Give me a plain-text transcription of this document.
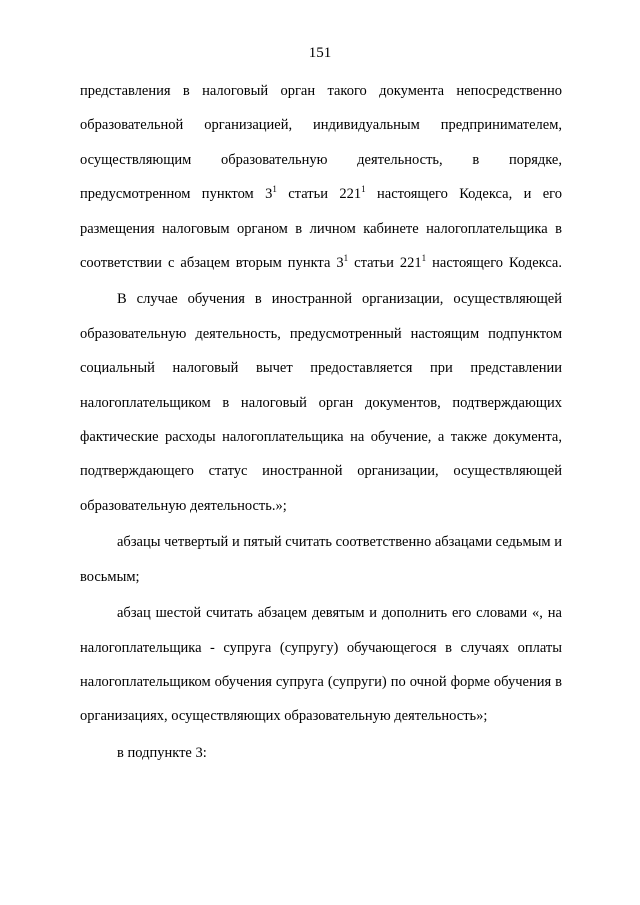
151

представления в налоговый орган такого документа непосредственно образовательной организацией, индивидуальным предпринимателем, осуществляющим образовательную деятельность, в порядке, предусмотренном пунктом $3^1$ статьи $221^1$ настоящего Кодекса, и его размещения налоговым органом в личном кабинете налогоплательщика в соответствии с абзацем вторым пункта $3^1$ статьи $221^1$ настоящего Кодекса.

В случае обучения в иностранной организации, осуществляющей образовательную деятельность, предусмотренный настоящим подпунктом социальный налоговый вычет предоставляется при представлении налогоплательщиком в налоговый орган документов, подтверждающих фактические расходы налогоплательщика на обучение, а также документа, подтверждающего статус иностранной организации, осуществляющей образовательную деятельность.»;

абзацы четвертый и пятый считать соответственно абзацами седьмым и восьмым;

абзац шестой считать абзацем девятым и дополнить его словами «, на налогоплательщика - супруга (супругу) обучающегося в случаях оплаты налогоплательщиком обучения супруга (супруги) по очной форме обучения в организациях, осуществляющих образовательную деятельность»;

в подпункте 3:
